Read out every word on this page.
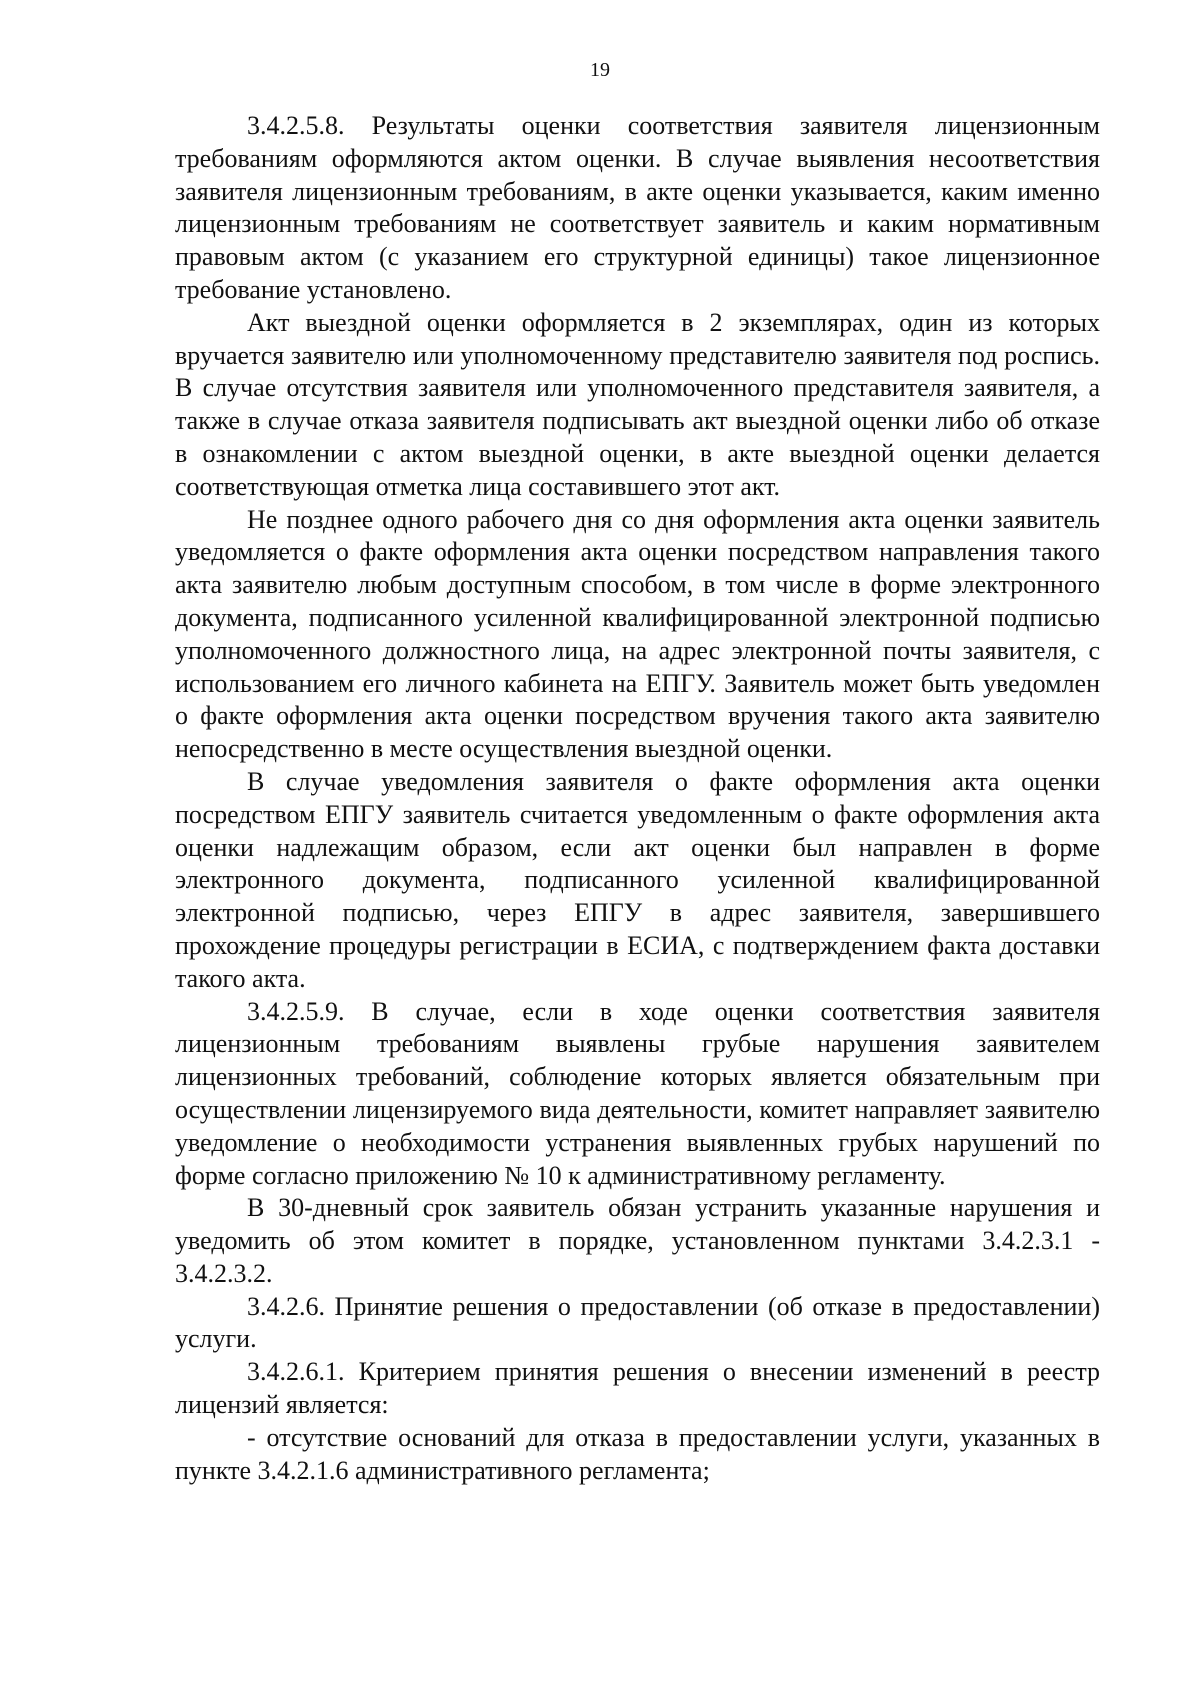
19

3.4.2.5.8. Результаты оценки соответствия заявителя лицензионным требованиям оформляются актом оценки. В случае выявления несоответствия заявителя лицензионным требованиям, в акте оценки указывается, каким именно лицензионным требованиям не соответствует заявитель и каким нормативным правовым актом (с указанием его структурной единицы) такое лицензионное требование установлено.

Акт выездной оценки оформляется в 2 экземплярах, один из которых вручается заявителю или уполномоченному представителю заявителя под роспись. В случае отсутствия заявителя или уполномоченного представителя заявителя, а также в случае отказа заявителя подписывать акт выездной оценки либо об отказе в ознакомлении с актом выездной оценки, в акте выездной оценки делается соответствующая отметка лица составившего этот акт.

Не позднее одного рабочего дня со дня оформления акта оценки заявитель уведомляется о факте оформления акта оценки посредством направления такого акта заявителю любым доступным способом, в том числе в форме электронного документа, подписанного усиленной квалифицированной электронной подписью уполномоченного должностного лица, на адрес электронной почты заявителя, с использованием его личного кабинета на ЕПГУ. Заявитель может быть уведомлен о факте оформления акта оценки посредством вручения такого акта заявителю непосредственно в месте осуществления выездной оценки.

В случае уведомления заявителя о факте оформления акта оценки посредством ЕПГУ заявитель считается уведомленным о факте оформления акта оценки надлежащим образом, если акт оценки был направлен в форме электронного документа, подписанного усиленной квалифицированной электронной подписью, через ЕПГУ в адрес заявителя, завершившего прохождение процедуры регистрации в ЕСИА, с подтверждением факта доставки такого акта.

3.4.2.5.9. В случае, если в ходе оценки соответствия заявителя лицензионным требованиям выявлены грубые нарушения заявителем лицензионных требований, соблюдение которых является обязательным при осуществлении лицензируемого вида деятельности, комитет направляет заявителю уведомление о необходимости устранения выявленных грубых нарушений по форме согласно приложению № 10 к административному регламенту.

В 30-дневный срок заявитель обязан устранить указанные нарушения и уведомить об этом комитет в порядке, установленном пунктами 3.4.2.3.1 - 3.4.2.3.2.

3.4.2.6. Принятие решения о предоставлении (об отказе в предоставлении) услуги.

3.4.2.6.1. Критерием принятия решения о внесении изменений в реестр лицензий является:

- отсутствие оснований для отказа в предоставлении услуги, указанных в пункте 3.4.2.1.6 административного регламента;
